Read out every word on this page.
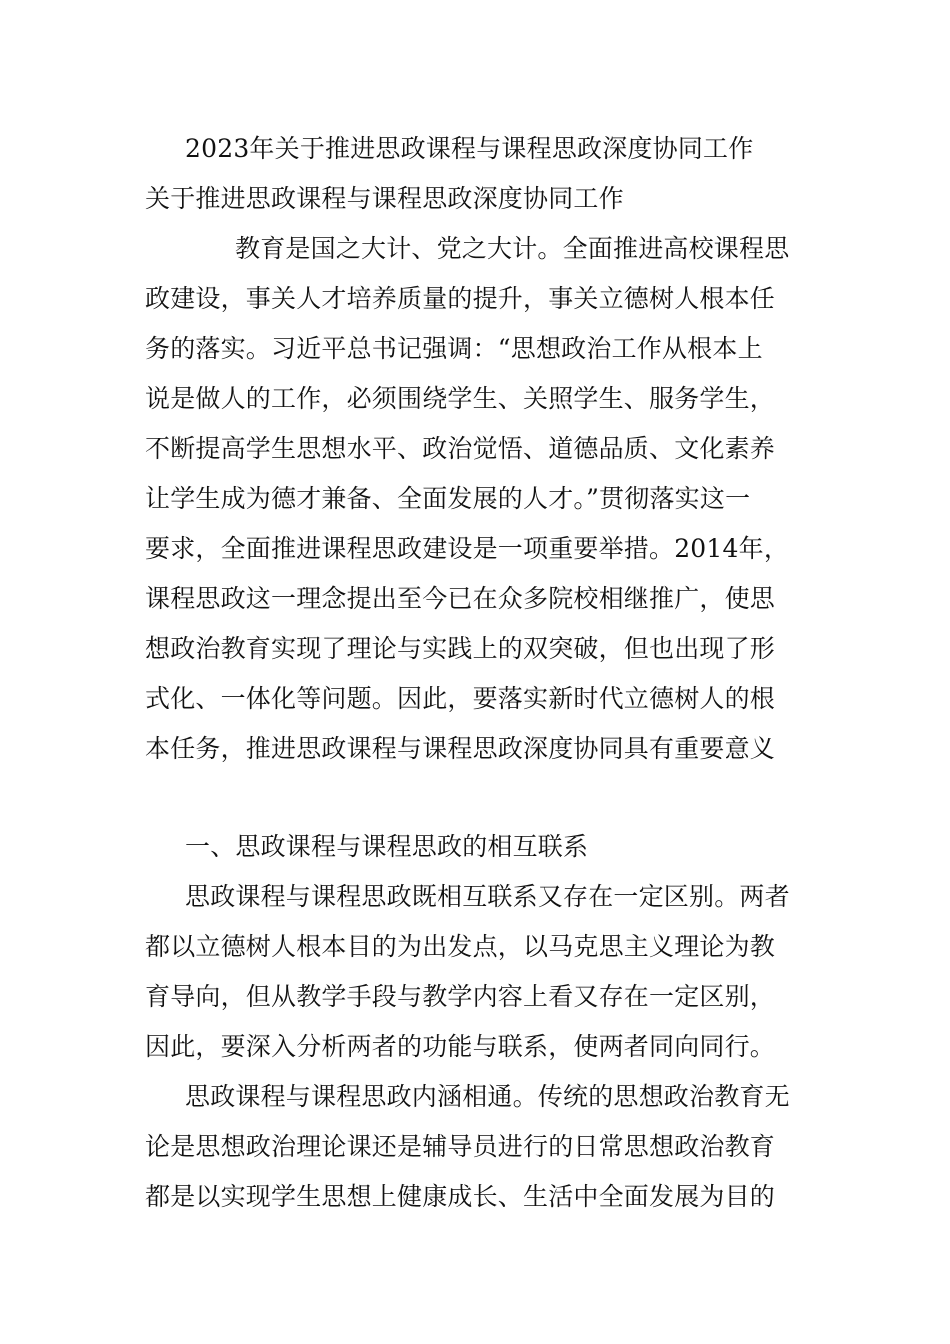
2023年关于推进思政课程与课程思政深度协同工作
关于推进思政课程与课程思政深度协同工作
教育是国之大计、党之大计。全面推进高校课程思
政建设，事关人才培养质量的提升，事关立德树人根本任
务的落实。习近平总书记强调：“思想政治工作从根本上
说是做人的工作，必须围绕学生、关照学生、服务学生，
不断提高学生思想水平、政治觉悟、道德品质、文化素养
让学生成为德才兼备、全面发展的人才。”贯彻落实这一
要求，全面推进课程思政建设是一项重要举措。2014年，
课程思政这一理念提出至今已在众多院校相继推广，使思
想政治教育实现了理论与实践上的双突破，但也出现了形
式化、一体化等问题。因此，要落实新时代立德树人的根
本任务，推进思政课程与课程思政深度协同具有重要意义
一、思政课程与课程思政的相互联系
思政课程与课程思政既相互联系又存在一定区别。两者
都以立德树人根本目的为出发点，以马克思主义理论为教
育导向，但从教学手段与教学内容上看又存在一定区别，
因此，要深入分析两者的功能与联系，使两者同向同行。
思政课程与课程思政内涵相通。传统的思想政治教育无
论是思想政治理论课还是辅导员进行的日常思想政治教育
都是以实现学生思想上健康成长、生活中全面发展为目的
